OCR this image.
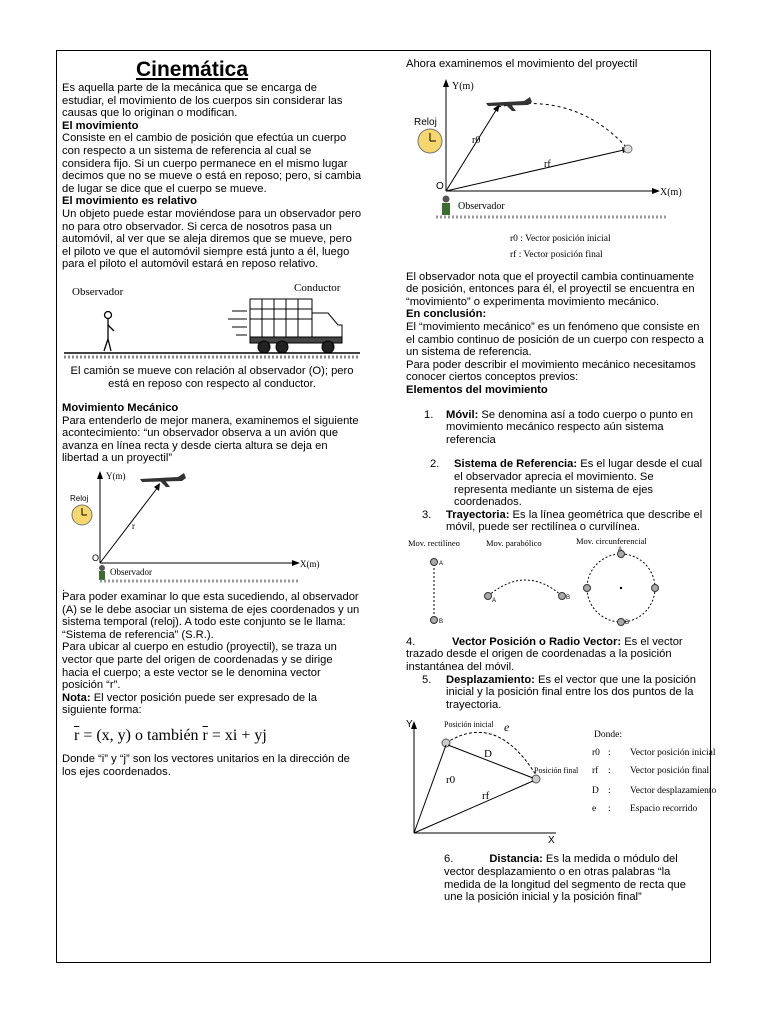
Cinemática

Es aquella parte de la mecánica que se encarga de estudiar, el movimiento de los cuerpos sin considerar las causas que lo originan o modifican.

El movimiento

Consiste en el cambio de posición que efectúa un cuerpo con respecto a un sistema de referencia al cual se considera fijo. Si un cuerpo permanece en el mismo lugar decimos que no se mueve o está en reposo; pero, si cambia de lugar se dice que el cuerpo se mueve.

El movimiento es relativo

Un objeto puede estar moviéndose para un observador pero no para otro observador. Si cerca de nosotros pasa un automóvil, al ver que se aleja diremos que se mueve, pero el piloto ve que el automóvil siempre está junto a él, luego para el piloto el automóvil estará en reposo relativo.

Observador	Conductor

El camión se mueve con relación al observador (O); pero está en reposo con respecto al conductor.

Movimiento Mecánico

Para entenderlo de mejor manera, examinemos el siguiente acontecimiento: “un observador observa a un avión que avanza en línea recta y desde cierta altura se deja en libertad a un proyectil”

Y(m)
X(m)
O
Reloj
r
Observador

.

Para poder examinar lo que esta sucediendo, al observador (A) se le debe asociar un sistema de ejes coordenados y un sistema temporal (reloj). A todo este conjunto se le llama: “Sistema de referencia” (S.R.).

Para ubicar al cuerpo en estudio (proyectil), se traza un vector que parte del origen de coordenadas y se dirige hacia el cuerpo; a este vector se le denomina vector posición “r”.

Nota: El vector posición puede ser expresado de la siguiente forma:

$\overline{r} = (x$, y) o también $\overline{r}$ = xi + yj

Donde “i” y “j” son los vectores unitarios en la dirección de los ejes coordenados.

Ahora examinemos el movimiento del proyectil

Y(m)
X(m)
O
Reloj
r0
rf
Observador
r0 : Vector posición inicial
rf : Vector posición final

El observador nota que el proyectil cambia continuamente de posición, entonces para él, el proyectil se encuentra en “movimiento” o experimenta movimiento mecánico.

En conclusión:

El “movimiento mecánico” es un fenómeno que consiste en el cambio continuo de posición de un cuerpo con respecto a un sistema de referencia.

Para poder describir el movimiento mecánico necesitamos conocer ciertos conceptos previos:

Elementos del movimiento

1.	Móvil: Se denomina así a todo cuerpo o punto en movimiento mecánico respecto aún sistema referencia

2.	Sistema de Referencia: Es el lugar desde el cual el observador aprecia el movimiento. Se representa mediante un sistema de ejes coordenados.
3.	Trayectoria: Es la línea geométrica que describe el móvil, puede ser rectilínea o curvilínea.
Mov. rectilíneo	Mov. parabólico	Mov. circunferencial
A
B
A	B
A
B
4.	Vector Posición o Radio Vector: Es el vector trazado desde el origen de coordenadas a la posición instantánea del móvil.
5.	Desplazamiento: Es el vector que une la posición inicial y la posición final entre los dos puntos de la trayectoria.
Y
X
Posición inicial
Posición final
e
D
r0
rf
Donde:
r0 : Vector posición inicial
rf : Vector posición final
D : Vector desplazamiento
e : Espacio recorrido
6.	Distancia: Es la medida o módulo del vector desplazamiento o en otras palabras “la medida de la longitud del segmento de recta que une la posición inicial y la posición final”
